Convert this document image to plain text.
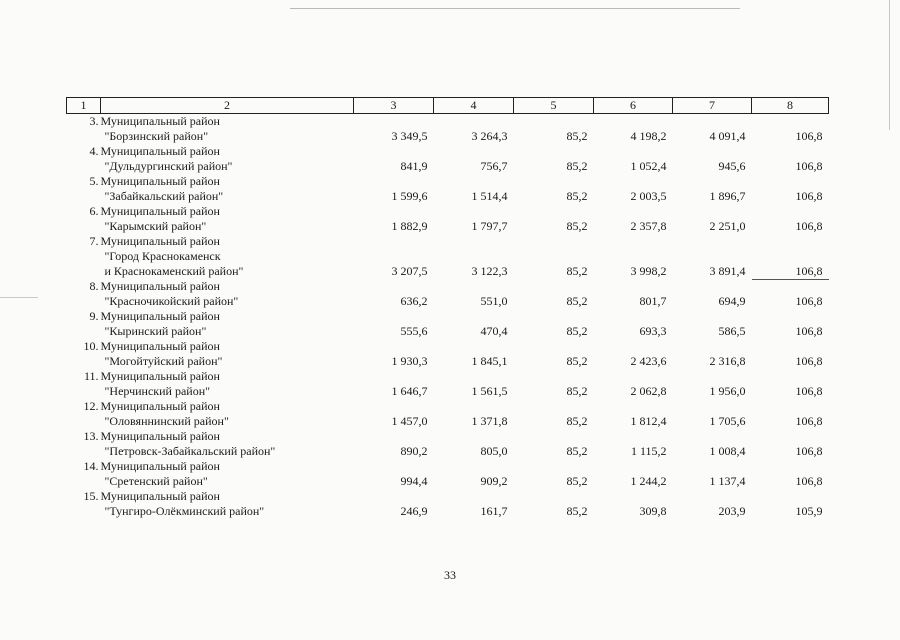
1	2	3	4	5	6	7	8
3.	Муниципальный район
"Борзинский район"	3 349,5	3 264,3	85,2	4 198,2	4 091,4	106,8
4.	Муниципальный район
"Дульдургинский район"	841,9	756,7	85,2	1 052,4	945,6	106,8
5.	Муниципальный район
"Забайкальский район"	1 599,6	1 514,4	85,2	2 003,5	1 896,7	106,8
6.	Муниципальный район
"Карымский район"	1 882,9	1 797,7	85,2	2 357,8	2 251,0	106,8
7.	Муниципальный район
"Город Краснокаменск
и Краснокаменский район"	3 207,5	3 122,3	85,2	3 998,2	3 891,4	106,8
8.	Муниципальный район
"Красночикойский район"	636,2	551,0	85,2	801,7	694,9	106,8
9.	Муниципальный район
"Кыринский район"	555,6	470,4	85,2	693,3	586,5	106,8
10.	Муниципальный район
"Могойтуйский район"	1 930,3	1 845,1	85,2	2 423,6	2 316,8	106,8
11.	Муниципальный район
"Нерчинский район"	1 646,7	1 561,5	85,2	2 062,8	1 956,0	106,8
12.	Муниципальный район
"Оловяннинский район"	1 457,0	1 371,8	85,2	1 812,4	1 705,6	106,8
13.	Муниципальный район
"Петровск-Забайкальский район"	890,2	805,0	85,2	1 115,2	1 008,4	106,8
14.	Муниципальный район
"Сретенский район"	994,4	909,2	85,2	1 244,2	1 137,4	106,8
15.	Муниципальный район
"Тунгиро-Олёкминский район"	246,9	161,7	85,2	309,8	203,9	105,9
33
